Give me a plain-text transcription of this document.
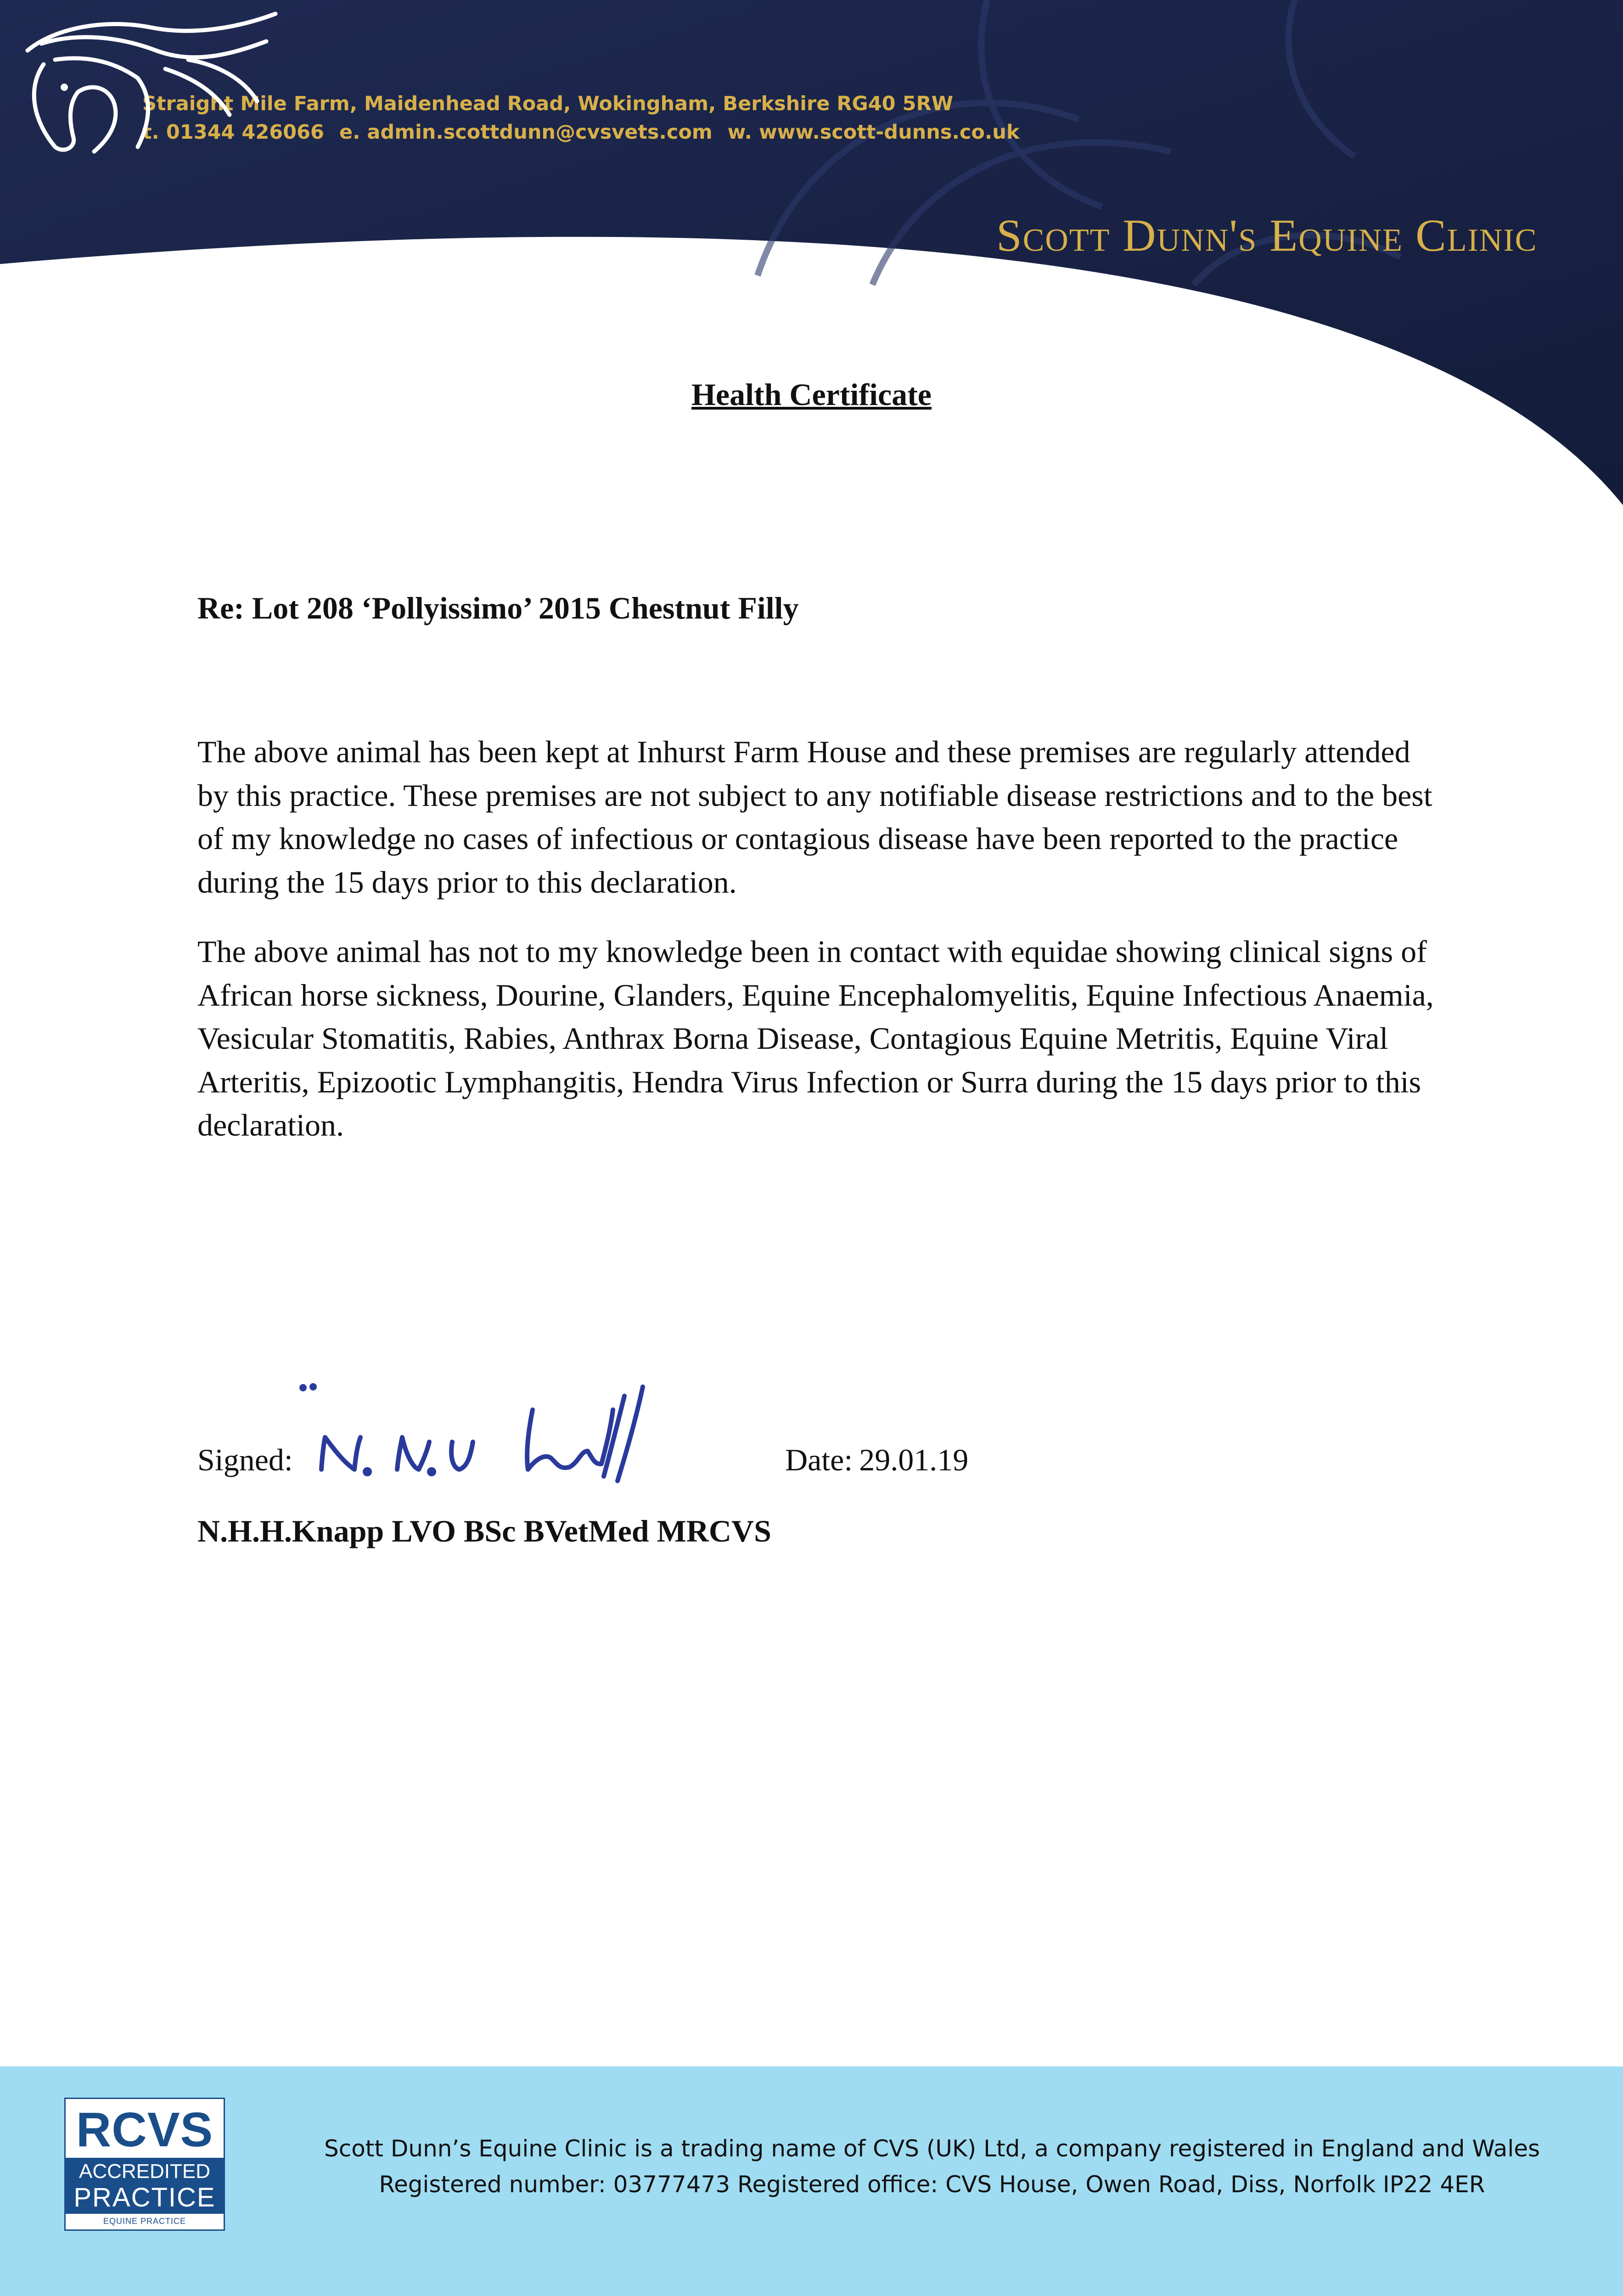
Straight Mile Farm, Maidenhead Road, Wokingham, Berkshire RG40 5RW
t. 01344 426066 e. admin.scottdunn@cvsvets.com w. www.scott-dunns.co.uk
Scott Dunn's Equine Clinic
Health Certificate
Re: Lot 208 ‘Pollyissimo’ 2015 Chestnut Filly

The above animal has been kept at Inhurst Farm House and these premises are regularly attended by this practice. These premises are not subject to any notifiable disease restrictions and to the best of my knowledge no cases of infectious or contagious disease have been reported to the practice during the 15 days prior to this declaration.

The above animal has not to my knowledge been in contact with equidae showing clinical signs of African horse sickness, Dourine, Glanders, Equine Encephalomyelitis, Equine Infectious Anaemia, Vesicular Stomatitis, Rabies, Anthrax Borna Disease, Contagious Equine Metritis, Equine Viral Arteritis, Epizootic Lymphangitis, Hendra Virus Infection or Surra during the 15 days prior to this declaration.

Signed:	Date: 29.01.19
N.H.H.Knapp LVO BSc BVetMed MRCVS
RCVS
ACCREDITED
PRACTICE
EQUINE PRACTICE
Scott Dunn’s Equine Clinic is a trading name of CVS (UK) Ltd, a company registered in England and Wales
Registered number: 03777473 Registered office: CVS House, Owen Road, Diss, Norfolk IP22 4ER
